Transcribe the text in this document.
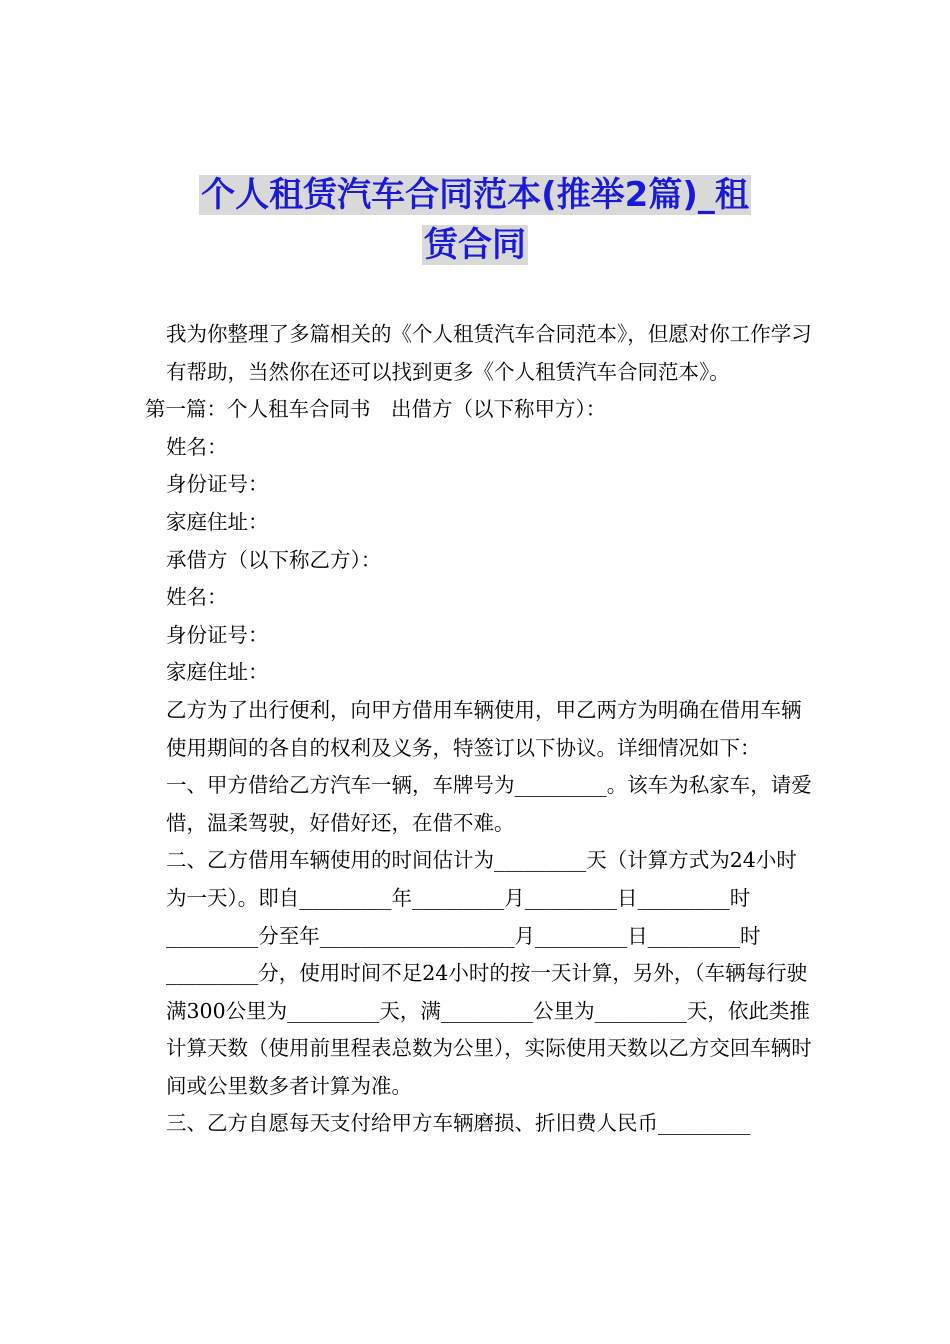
个人租赁汽车合同范本(推举2篇)_租
赁合同

我为你整理了多篇相关的《个人租赁汽车合同范本》，但愿对你工作学习有帮助，当然你在还可以找到更多《个人租赁汽车合同范本》。

第一篇：个人租车合同书　出借方（以下称甲方）：

姓名：

身份证号：

家庭住址：

承借方（以下称乙方）：

姓名：

身份证号：

家庭住址：

乙方为了出行便利，向甲方借用车辆使用，甲乙两方为明确在借用车辆使用期间的各自的权利及义务，特签订以下协议。详细情况如下：

一、甲方借给乙方汽车一辆，车牌号为_________。该车为私家车，请爱惜，温柔驾驶，好借好还，在借不难。

二、乙方借用车辆使用的时间估计为_________天（计算方式为24小时为一天）。即自_________年_________月_________日_________时_________分至年___________________月_________日_________时_________分，使用时间不足24小时的按一天计算，另外，（车辆每行驶满300公里为_________天，满_________公里为_________天，依此类推计算天数（使用前里程表总数为公里），实际使用天数以乙方交回车辆时间或公里数多者计算为准。

三、乙方自愿每天支付给甲方车辆磨损、折旧费人民币_________
